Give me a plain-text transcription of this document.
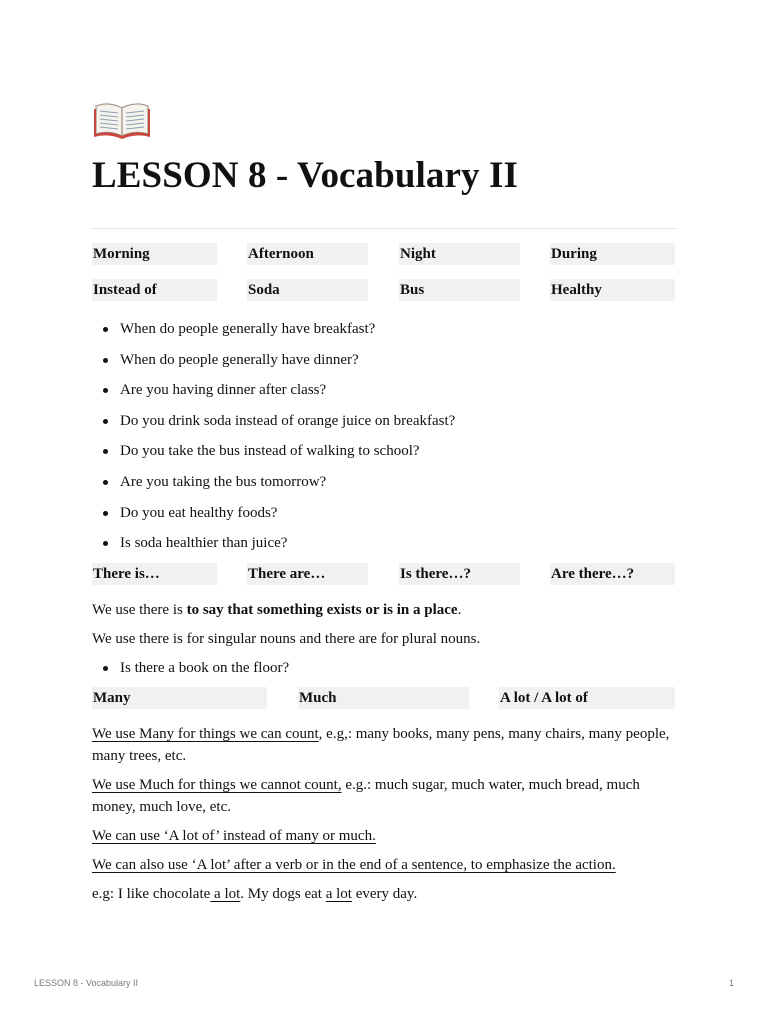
LESSON 8 - Vocabulary II
Morning	Afternoon	Night	During
Instead of	Soda	Bus	Healthy
When do people generally have breakfast?
When do people generally have dinner?
Are you having dinner after class?
Do you drink soda instead of orange juice on breakfast?
Do you take the bus instead of walking to school?
Are you taking the bus tomorrow?
Do you eat healthy foods?
Is soda healthier than juice?
There is…	There are…	Is there…?	Are there…?

We use there is to say that something exists or is in a place.

We use there is for singular nouns and there are for plural nouns.

Is there a book on the floor?
Many	Much	A lot / A lot of

We use Many for things we can count, e.g,: many books, many pens, many chairs, many people, many trees, etc.

We use Much for things we cannot count, e.g.: much sugar, much water, much bread, much money, much love, etc.

We can use ‘A lot of’ instead of many or much.

We can also use ‘A lot’ after a verb or in the end of a sentence, to emphasize the action.

e.g: I like chocolate a lot. My dogs eat a lot every day.

LESSON 8 - Vocabulary II	1
